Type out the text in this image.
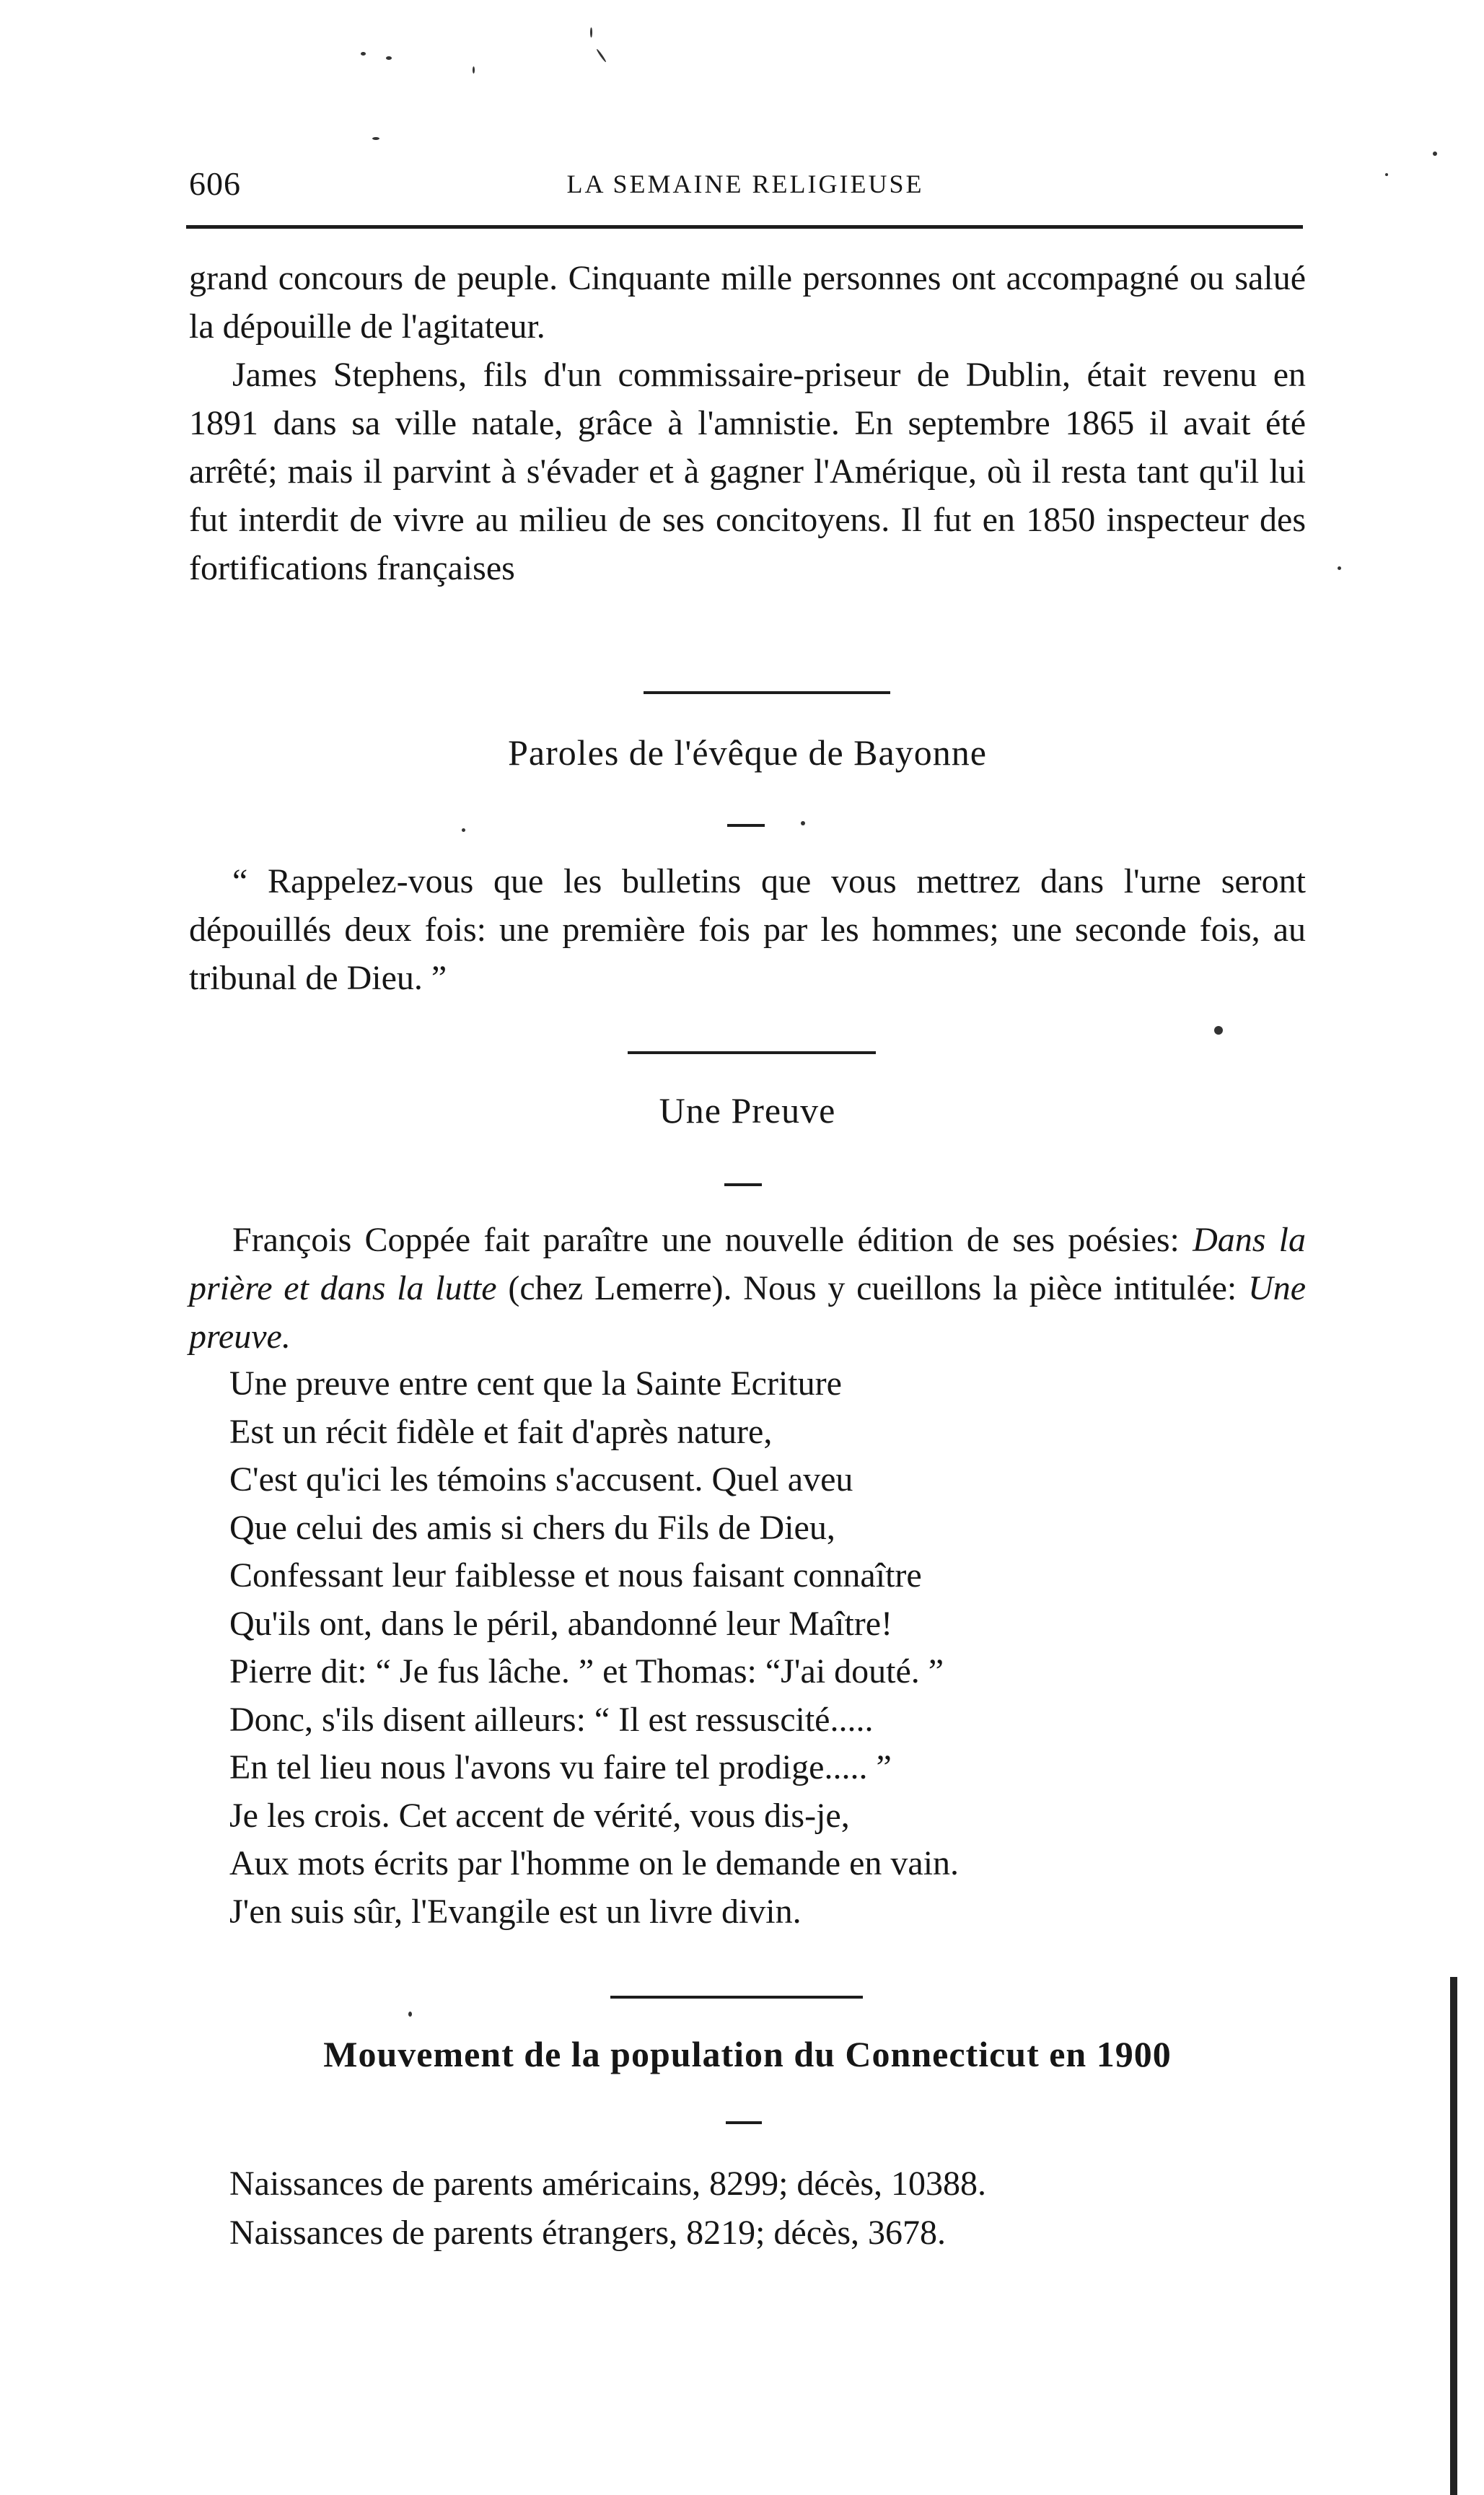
606	LA SEMAINE RELIGIEUSE

grand concours de peuple. Cinquante mille personnes ont accompagné ou salué la dépouille de l'agitateur.

James Stephens, fils d'un commissaire-priseur de Dublin, était revenu en 1891 dans sa ville natale, grâce à l'amnistie. En septembre 1865 il avait été arrêté; mais il parvint à s'évader et à gagner l'Amérique, où il resta tant qu'il lui fut interdit de vivre au milieu de ses concitoyens. Il fut en 1850 inspecteur des fortifications françaises

Paroles de l'évêque de Bayonne

“ Rappelez-vous que les bulletins que vous mettrez dans l'urne seront dépouillés deux fois: une première fois par les hommes; une seconde fois, au tribunal de Dieu. ”

Une Preuve

François Coppée fait paraître une nouvelle édition de ses poésies: Dans la prière et dans la lutte (chez Lemerre). Nous y cueillons la pièce intitulée: Une preuve.

Une preuve entre cent que la Sainte Ecriture
Est un récit fidèle et fait d'après nature,
C'est qu'ici les témoins s'accusent. Quel aveu
Que celui des amis si chers du Fils de Dieu,
Confessant leur faiblesse et nous faisant connaître
Qu'ils ont, dans le péril, abandonné leur Maître!
Pierre dit: “ Je fus lâche. ” et Thomas: “J'ai douté. ”
Donc, s'ils disent ailleurs: “ Il est ressuscité.....
En tel lieu nous l'avons vu faire tel prodige..... ”
Je les crois. Cet accent de vérité, vous dis-je,
Aux mots écrits par l'homme on le demande en vain.
J'en suis sûr, l'Evangile est un livre divin.
Mouvement de la population du Connecticut en 1900
Naissances de parents américains, 8299; décès, 10388.
Naissances de parents étrangers, 8219; décès, 3678.
